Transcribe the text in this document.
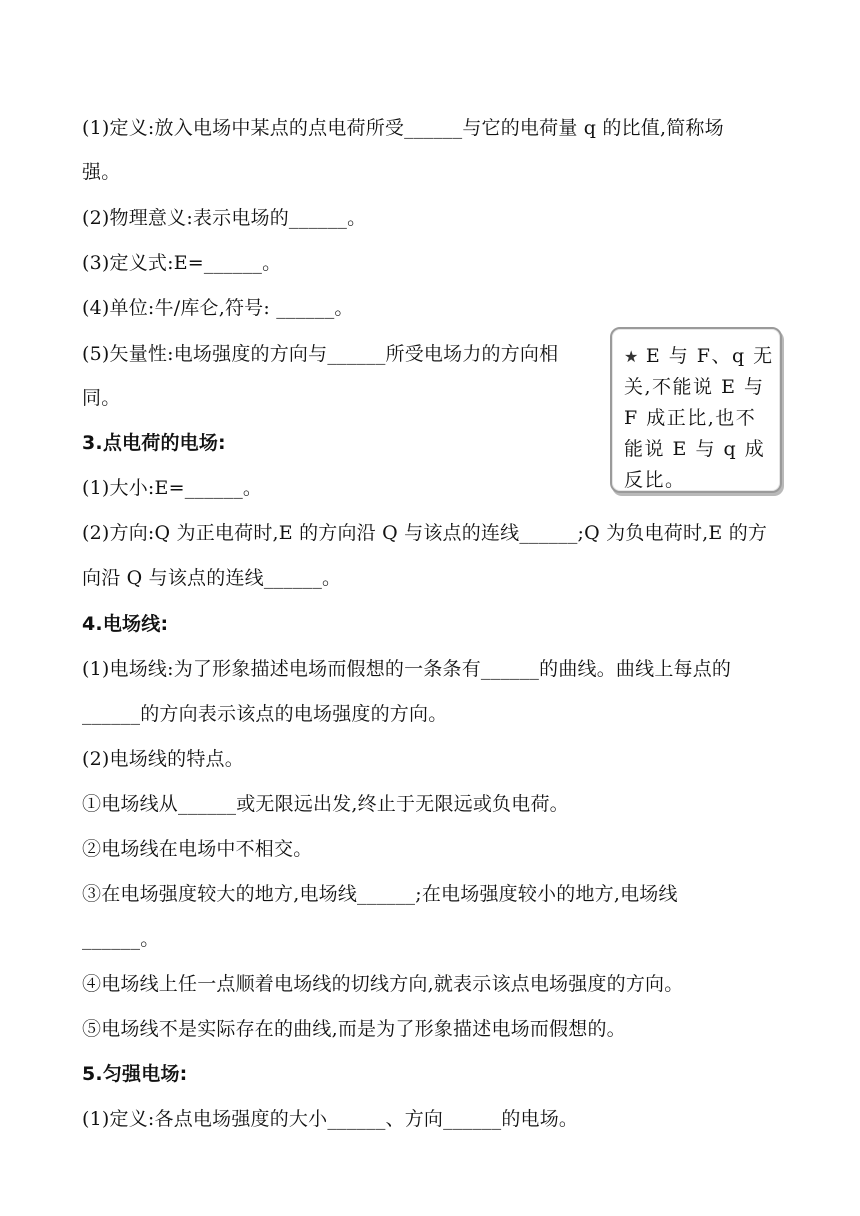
(1)定义:放入电场中某点的点电荷所受______与它的电荷量 q 的比值,简称场
强。
(2)物理意义:表示电场的______。
(3)定义式:E=______。
(4)单位:牛/库仑,符号: ______。
(5)矢量性:电场强度的方向与______所受电场力的方向相
同。
3.点电荷的电场:
(1)大小:E=______。
(2)方向:Q 为正电荷时,E 的方向沿 Q 与该点的连线______;Q 为负电荷时,E 的方
向沿 Q 与该点的连线______。
4.电场线:
(1)电场线:为了形象描述电场而假想的一条条有______的曲线。曲线上每点的
______的方向表示该点的电场强度的方向。
(2)电场线的特点。
①电场线从______或无限远出发,终止于无限远或负电荷。
②电场线在电场中不相交。
③在电场强度较大的地方,电场线______;在电场强度较小的地方,电场线
______。
④电场线上任一点顺着电场线的切线方向,就表示该点电场强度的方向。
⑤电场线不是实际存在的曲线,而是为了形象描述电场而假想的。
5.匀强电场:
(1)定义:各点电场强度的大小______、方向______的电场。
★ E 与 F、q 无
关,不能说 E 与
F 成正比,也不
能说 E 与 q 成
反比。
